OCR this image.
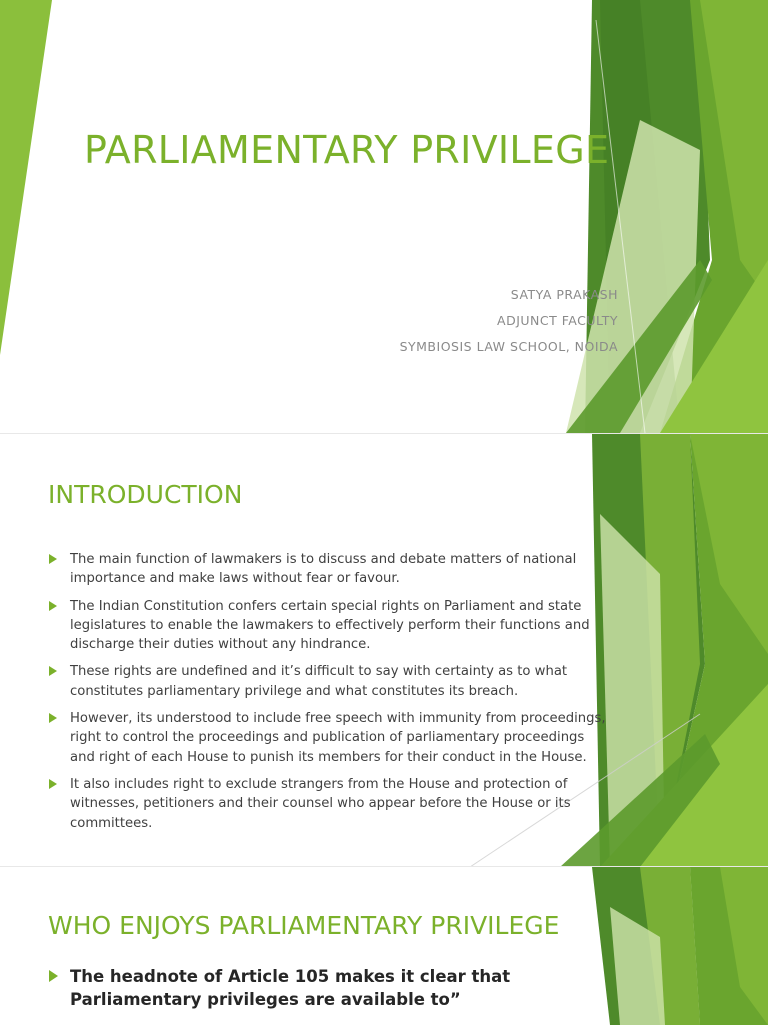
PARLIAMENTARY PRIVILEGE
SATYA PRAKASH
ADJUNCT FACULTY
SYMBIOSIS LAW SCHOOL, NOIDA
INTRODUCTION
The main function of lawmakers is to discuss and debate matters of national importance and make laws without fear or favour.
The Indian Constitution confers certain special rights on Parliament and state legislatures to enable the lawmakers to effectively perform their functions and discharge their duties without any hindrance.
These rights are undefined and it’s difficult to say with certainty as to what constitutes parliamentary privilege and what constitutes its breach.
However, its understood to include free speech with immunity from proceedings, right to control the proceedings and publication of parliamentary proceedings and right of each House to punish its members for their conduct in the House.
It also includes right to exclude strangers from the House and protection of witnesses, petitioners and their counsel who appear before the House or its committees.
WHO ENJOYS PARLIAMENTARY PRIVILEGE
The headnote of Article 105 makes it clear that Parliamentary privileges are available to”
